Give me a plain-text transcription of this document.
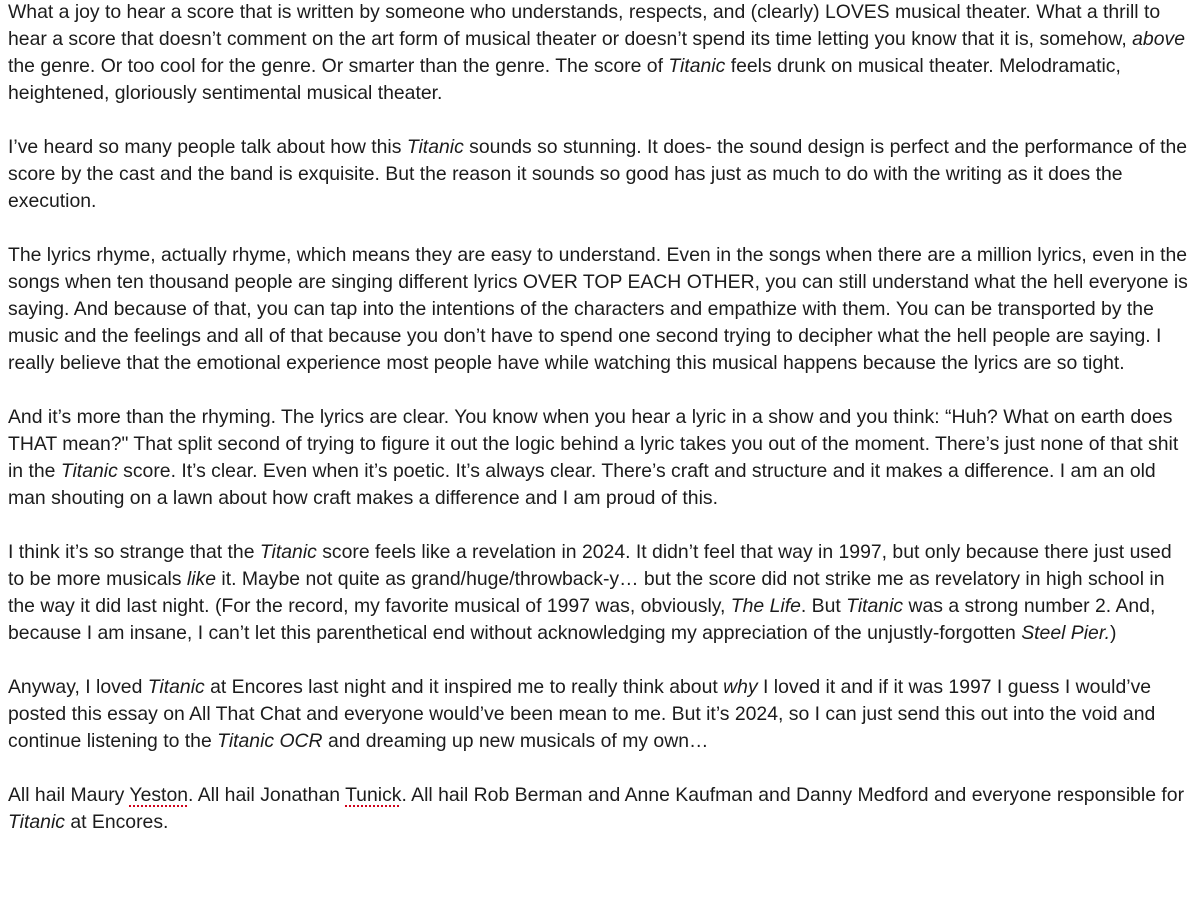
What a joy to hear a score that is written by someone who understands, respects, and (clearly) LOVES musical theater. What a thrill to hear a score that doesn’t comment on the art form of musical theater or doesn’t spend its time letting you know that it is, somehow, above the genre. Or too cool for the genre. Or smarter than the genre. The score of Titanic feels drunk on musical theater. Melodramatic, heightened, gloriously sentimental musical theater.

I’ve heard so many people talk about how this Titanic sounds so stunning. It does- the sound design is perfect and the performance of the score by the cast and the band is exquisite. But the reason it sounds so good has just as much to do with the writing as it does the execution.

The lyrics rhyme, actually rhyme, which means they are easy to understand. Even in the songs when there are a million lyrics, even in the songs when ten thousand people are singing different lyrics OVER TOP EACH OTHER, you can still understand what the hell everyone is saying. And because of that, you can tap into the intentions of the characters and empathize with them. You can be transported by the music and the feelings and all of that because you don’t have to spend one second trying to decipher what the hell people are saying. I really believe that the emotional experience most people have while watching this musical happens because the lyrics are so tight.

And it’s more than the rhyming. The lyrics are clear. You know when you hear a lyric in a show and you think: “Huh? What on earth does THAT mean?" That split second of trying to figure it out the logic behind a lyric takes you out of the moment. There’s just none of that shit in the Titanic score. It’s clear. Even when it’s poetic. It’s always clear. There’s craft and structure and it makes a difference. I am an old man shouting on a lawn about how craft makes a difference and I am proud of this.

I think it’s so strange that the Titanic score feels like a revelation in 2024. It didn’t feel that way in 1997, but only because there just used to be more musicals like it. Maybe not quite as grand/huge/throwback-y… but the score did not strike me as revelatory in high school in the way it did last night. (For the record, my favorite musical of 1997 was, obviously, The Life. But Titanic was a strong number 2. And, because I am insane, I can’t let this parenthetical end without acknowledging my appreciation of the unjustly-forgotten Steel Pier.)

Anyway, I loved Titanic at Encores last night and it inspired me to really think about why I loved it and if it was 1997 I guess I would’ve posted this essay on All That Chat and everyone would’ve been mean to me. But it’s 2024, so I can just send this out into the void and continue listening to the Titanic OCR and dreaming up new musicals of my own…

All hail Maury Yeston. All hail Jonathan Tunick. All hail Rob Berman and Anne Kaufman and Danny Medford and everyone responsible for Titanic at Encores.
